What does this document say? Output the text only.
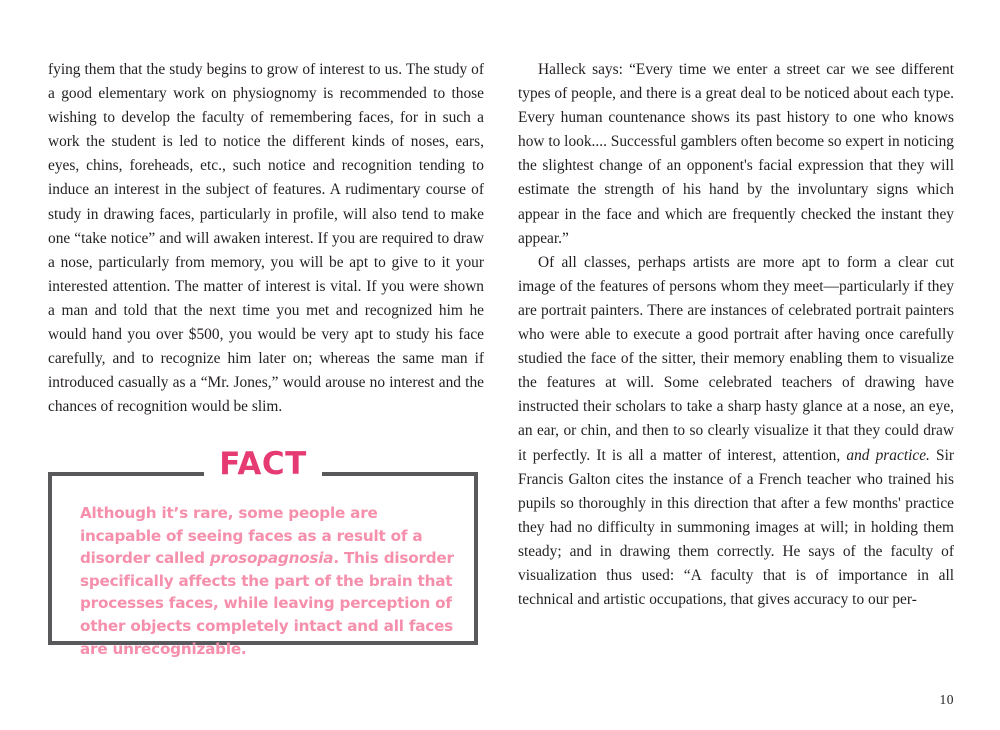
fying them that the study begins to grow of interest to us. The study of a good elementary work on physiognomy is recommended to those wishing to develop the faculty of remembering faces, for in such a work the student is led to notice the different kinds of noses, ears, eyes, chins, foreheads, etc., such notice and recognition tending to induce an interest in the subject of features. A rudimentary course of study in drawing faces, particularly in profile, will also tend to make one “take notice” and will awaken interest. If you are required to draw a nose, particularly from memory, you will be apt to give to it your interested attention. The matter of interest is vital. If you were shown a man and told that the next time you met and recognized him he would hand you over $500, you would be very apt to study his face carefully, and to recognize him later on; whereas the same man if introduced casually as a “Mr. Jones,” would arouse no interest and the chances of recognition would be slim.

Halleck says: “Every time we enter a street car we see different types of people, and there is a great deal to be noticed about each type. Every human countenance shows its past history to one who knows how to look.... Successful gamblers often become so expert in noticing the slightest change of an opponent's facial expression that they will estimate the strength of his hand by the involuntary signs which appear in the face and which are frequently checked the instant they appear.”

Of all classes, perhaps artists are more apt to form a clear cut image of the features of persons whom they meet—particularly if they are portrait painters. There are instances of celebrated portrait painters who were able to execute a good portrait after having once carefully studied the face of the sitter, their memory enabling them to visualize the features at will. Some celebrated teachers of drawing have instructed their scholars to take a sharp hasty glance at a nose, an eye, an ear, or chin, and then to so clearly visualize it that they could draw it perfectly. It is all a matter of interest, attention, and practice. Sir Francis Galton cites the instance of a French teacher who trained his pupils so thoroughly in this direction that after a few months' practice they had no difficulty in summoning images at will; in holding them steady; and in drawing them correctly. He says of the faculty of visualization thus used: “A faculty that is of importance in all technical and artistic occupations, that gives accuracy to our per-

FACT
Although it’s rare, some people are incapable of seeing faces as a result of a disorder called prosopagnosia. This disorder specifically affects the part of the brain that processes faces, while leaving perception of other objects completely intact and all faces are unrecognizable.
10
